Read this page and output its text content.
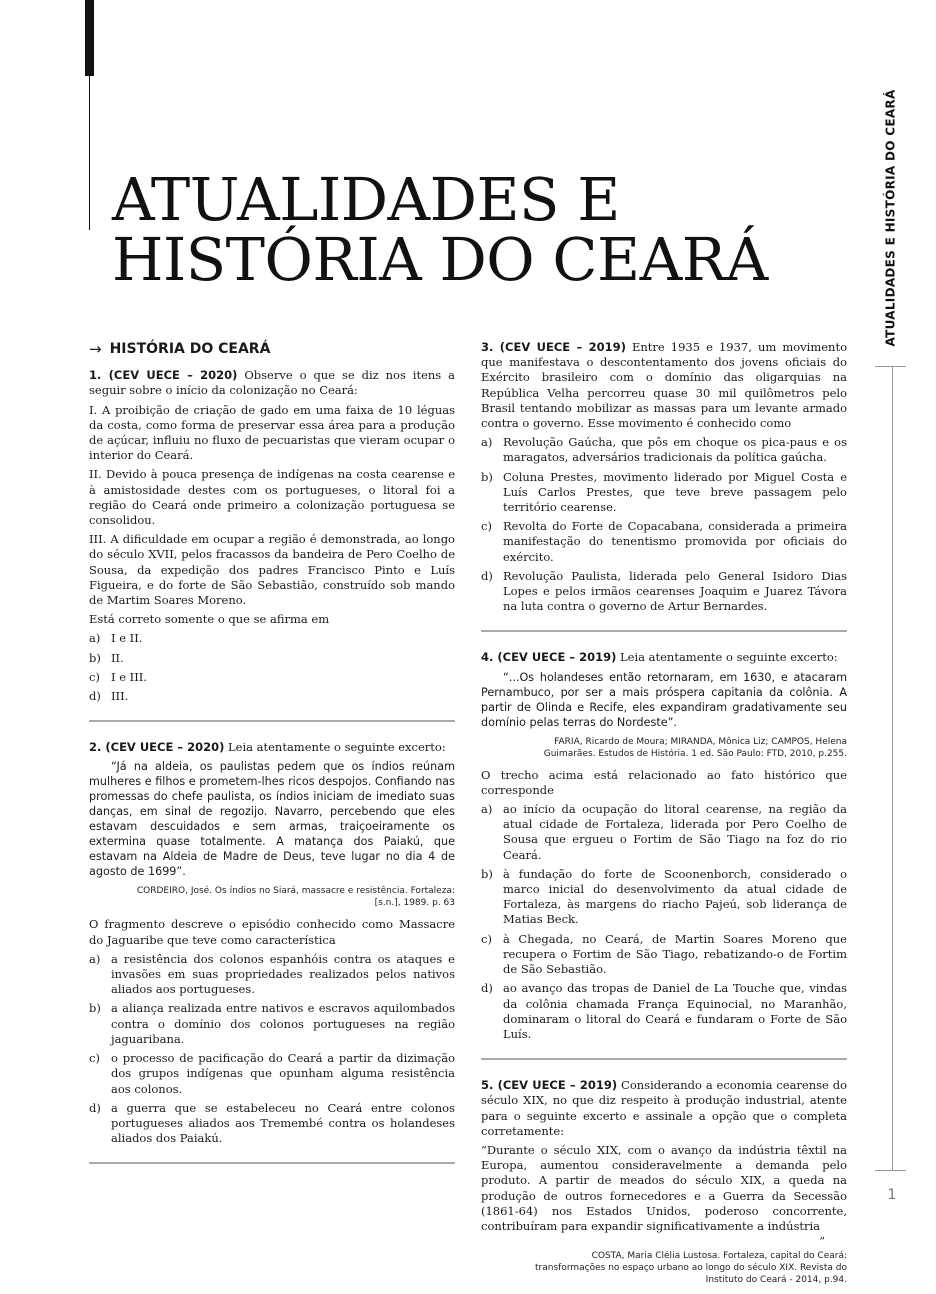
ATUALIDADES E
HISTÓRIA DO CEARÁ	ATUALIDADES E HISTÓRIA DO CEARÁ
1
→ HISTÓRIA DO CEARÁ

1. (CEV UECE – 2020) Observe o que se diz nos itens a seguir sobre o início da colonização no Ceará:

I. A proibição de criação de gado em uma faixa de 10 léguas da costa, como forma de preservar essa área para a produção de açúcar, influiu no fluxo de pecuaristas que vieram ocupar o interior do Ceará.

II. Devido à pouca presença de indígenas na costa cearense e à amistosidade destes com os portugueses, o litoral foi a região do Ceará onde primeiro a colonização portuguesa se consolidou.

III. A dificuldade em ocupar a região é demonstrada, ao longo do século XVII, pelos fracassos da bandeira de Pero Coelho de Sousa, da expedição dos padres Francisco Pinto e Luís Figueira, e do forte de São Sebastião, construído sob mando de Martim Soares Moreno.

Está correto somente o que se afirma em

a) I e II.
b) II.
c) I e III.
d) III.

2. (CEV UECE – 2020) Leia atentamente o seguinte excerto:

“Já na aldeia, os paulistas pedem que os índios reúnam mulheres e filhos e prometem-lhes ricos despojos. Confiando nas promessas do chefe paulista, os índios iniciam de imediato suas danças, em sinal de regozijo. Navarro, percebendo que eles estavam descuidados e sem armas, traiçoeiramente os extermina quase totalmente. A matança dos Paiakú, que estavam na Aldeia de Madre de Deus, teve lugar no dia 4 de agosto de 1699”.

CORDEIRO, José. Os índios no Siará, massacre e resistência. Fortaleza: [s.n.], 1989. p. 63

O fragmento descreve o episódio conhecido como Massacre do Jaguaribe que teve como característica

a) a resistência dos colonos espanhóis contra os ataques e invasões em suas propriedades realizados pelos nativos aliados aos portugueses.
b) a aliança realizada entre nativos e escravos aquilombados contra o domínio dos colonos portugueses na região jaguaribana.
c) o processo de pacificação do Ceará a partir da dizimação dos grupos indígenas que opunham alguma resistência aos colonos.
d) a guerra que se estabeleceu no Ceará entre colonos portugueses aliados aos Tremembé contra os holandeses aliados dos Paiakú.

3. (CEV UECE – 2019) Entre 1935 e 1937, um movimento que manifestava o descontentamento dos jovens oficiais do Exército brasileiro com o domínio das oligarquias na República Velha percorreu quase 30 mil quilômetros pelo Brasil tentando mobilizar as massas para um levante armado contra o governo. Esse movimento é conhecido como

a) Revolução Gaúcha, que pôs em choque os pica-paus e os maragatos, adversários tradicionais da política gaúcha.
b) Coluna Prestes, movimento liderado por Miguel Costa e Luís Carlos Prestes, que teve breve passagem pelo território cearense.
c) Revolta do Forte de Copacabana, considerada a primeira manifestação do tenentismo promovida por oficiais do exército.
d) Revolução Paulista, liderada pelo General Isidoro Dias Lopes e pelos irmãos cearenses Joaquim e Juarez Távora na luta contra o governo de Artur Bernardes.

4. (CEV UECE – 2019) Leia atentamente o seguinte excerto:

“...Os holandeses então retornaram, em 1630, e atacaram Pernambuco, por ser a mais próspera capitania da colônia. A partir de Olinda e Recife, eles expandiram gradativamente seu domínio pelas terras do Nordeste”.

FARIA, Ricardo de Moura; MIRANDA, Mônica Liz; CAMPOS, Helena Guimarães. Estudos de História. 1 ed. São Paulo: FTD, 2010, p.255.

O trecho acima está relacionado ao fato histórico que corresponde

a) ao início da ocupação do litoral cearense, na região da atual cidade de Fortaleza, liderada por Pero Coelho de Sousa que ergueu o Fortim de São Tiago na foz do rio Ceará.
b) à fundação do forte de Scoonenborch, considerado o marco inicial do desenvolvimento da atual cidade de Fortaleza, às margens do riacho Pajeú, sob liderança de Matias Beck.
c) à Chegada, no Ceará, de Martin Soares Moreno que recupera o Fortim de São Tiago, rebatizando-o de Fortim de São Sebastião.
d) ao avanço das tropas de Daniel de La Touche que, vindas da colônia chamada França Equinocial, no Maranhão, dominaram o litoral do Ceará e fundaram o Forte de São Luís.

5. (CEV UECE – 2019) Considerando a economia cearense do século XIX, no que diz respeito à produção industrial, atente para o seguinte excerto e assinale a opção que o completa corretamente:

“Durante o século XIX, com o avanço da indústria têxtil na Europa, aumentou consideravelmente a demanda pelo produto. A partir de meados do século XIX, a queda na produção de outros fornecedores e a Guerra da Secessão (1861-64) nos Estados Unidos, poderoso concorrente, contribuíram para expandir significativamente a indústria

”
COSTA, Maria Clélia Lustosa. Fortaleza, capital do Ceará: transformações no espaço urbano ao longo do século XIX. Revista do Instituto do Ceará - 2014, p.94.
